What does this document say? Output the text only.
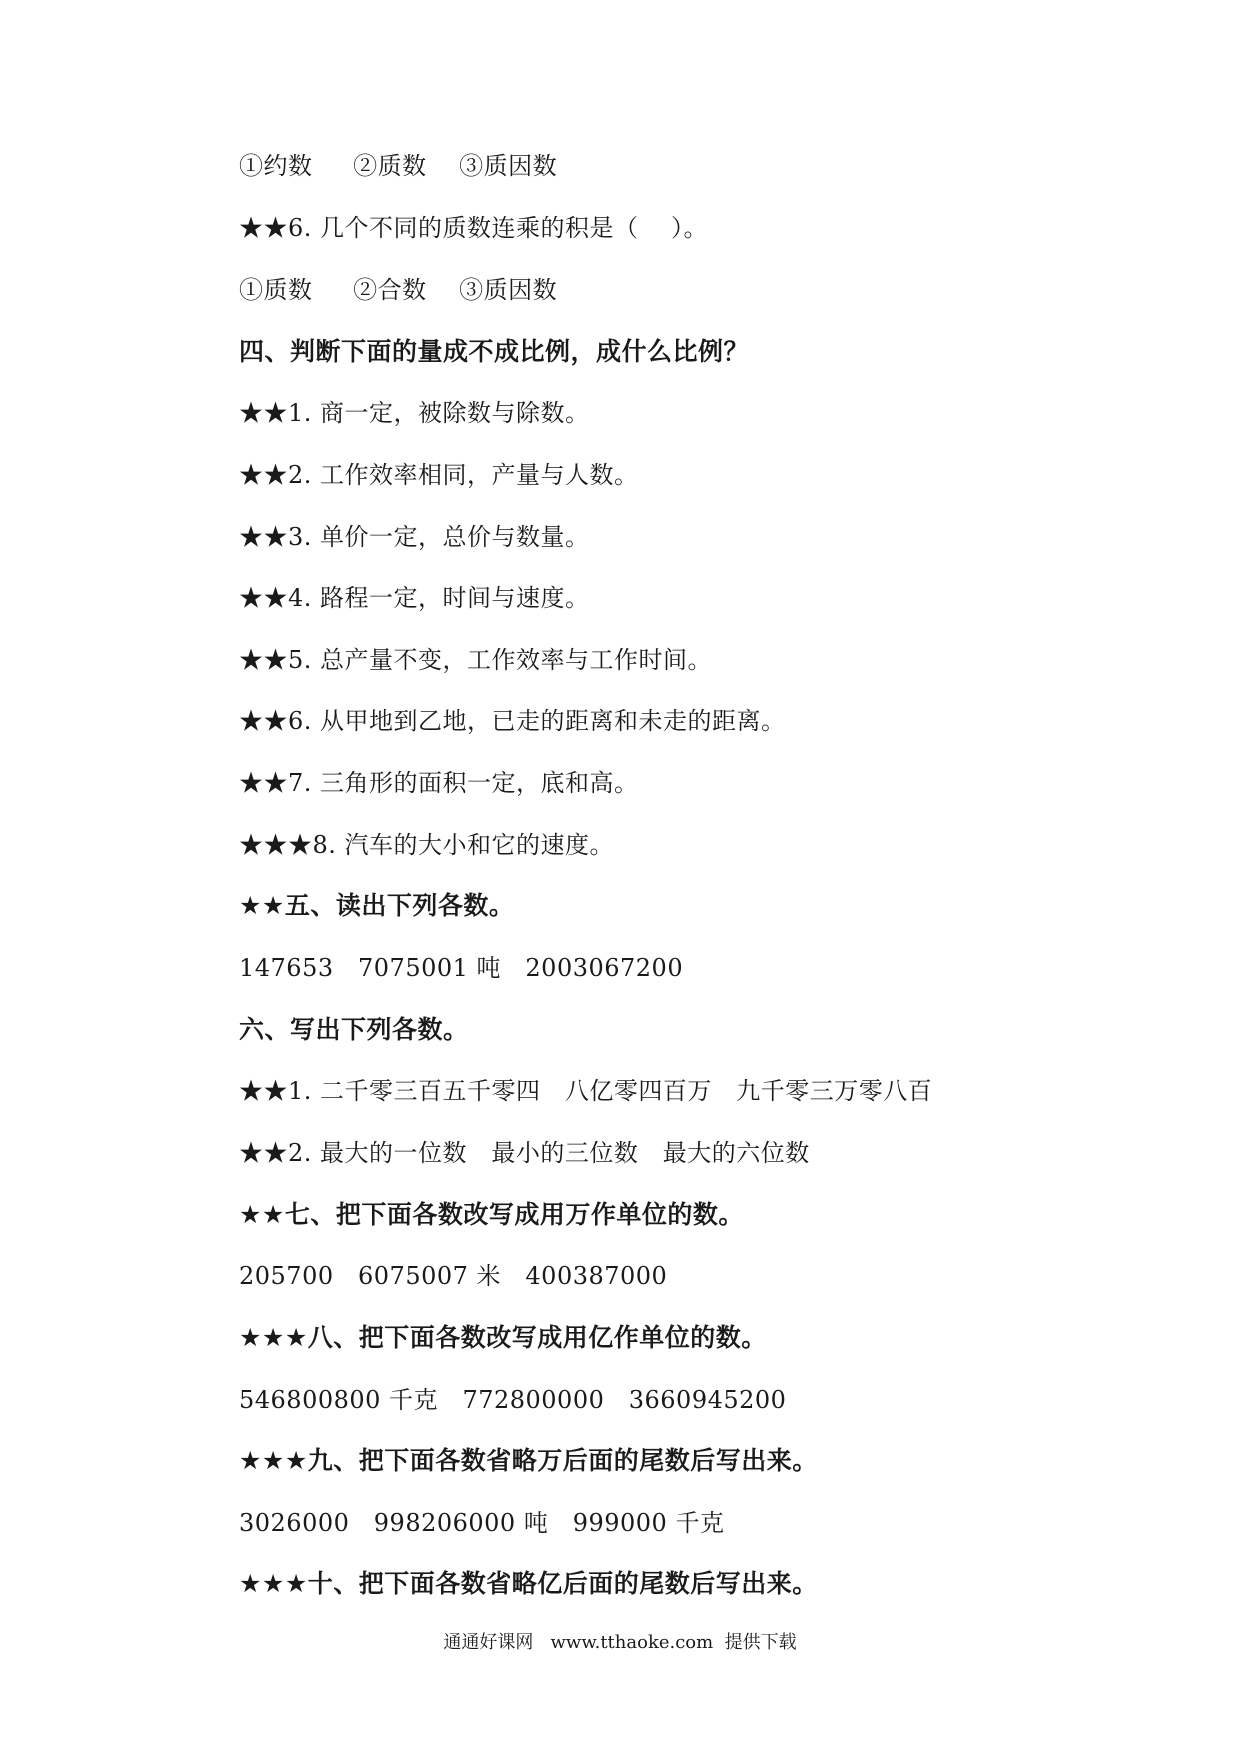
①约数     ②质数    ③质因数
★★6. 几个不同的质数连乘的积是（    ）。
①质数     ②合数    ③质因数
四、判断下面的量成不成比例，成什么比例？
★★1. 商一定，被除数与除数。
★★2. 工作效率相同，产量与人数。
★★3. 单价一定，总价与数量。
★★4. 路程一定，时间与速度。
★★5. 总产量不变，工作效率与工作时间。
★★6. 从甲地到乙地，已走的距离和未走的距离。
★★7. 三角形的面积一定，底和高。
★★★8. 汽车的大小和它的速度。
★★五、读出下列各数。
147653   7075001 吨   2003067200
六、写出下列各数。
★★1. 二千零三百五千零四   八亿零四百万   九千零三万零八百
★★2. 最大的一位数   最小的三位数   最大的六位数
★★七、把下面各数改写成用万作单位的数。
205700   6075007 米   400387000
★★★八、把下面各数改写成用亿作单位的数。
546800800 千克   772800000   3660945200
★★★九、把下面各数省略万后面的尾数后写出来。
3026000   998206000 吨   999000 千克
★★★十、把下面各数省略亿后面的尾数后写出来。
通通好课网   www.tthaoke.com  提供下载
